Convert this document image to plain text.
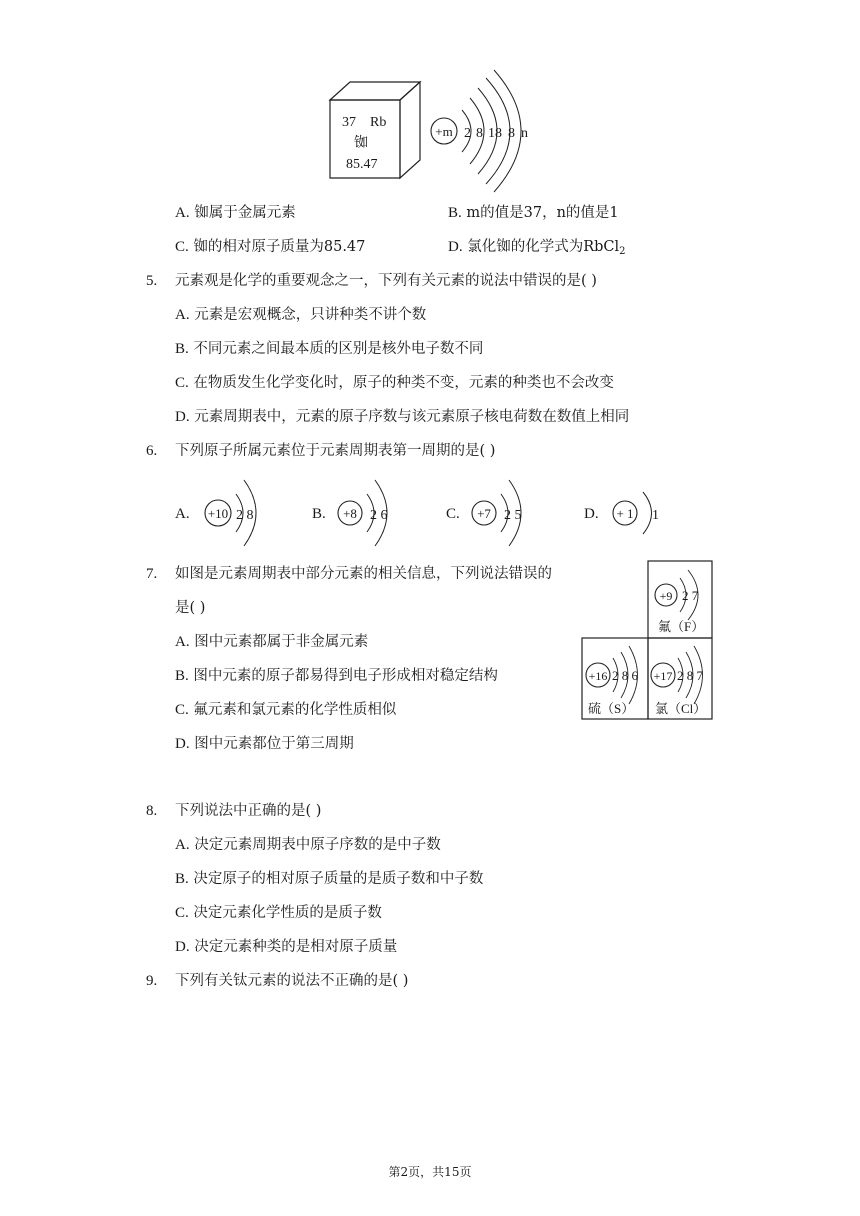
37 Rb
铷
85.47
+m 2 8 18 8 n
A. 铷属于金属元素	B. m的值是37，n的值是1
C. 铷的相对原子质量为85.47	D. 氯化铷的化学式为RbCl$_2$
5. 元素观是化学的重要观念之一，下列有关元素的说法中错误的是( )
A. 元素是宏观概念，只讲种类不讲个数
B. 不同元素之间最本质的区别是核外电子数不同
C. 在物质发生化学变化时，原子的种类不变，元素的种类也不会改变
D. 元素周期表中，元素的原子序数与该元素原子核电荷数在数值上相同
6. 下列原子所属元素位于元素周期表第一周期的是( )
A. +10 2 8	B. +8 2 6	C. +7 2 5	D. + 1 1
7. 如图是元素周期表中部分元素的相关信息，下列说法错误的
是( )
A. 图中元素都属于非金属元素
B. 图中元素的原子都易得到电子形成相对稳定结构
C. 氟元素和氯元素的化学性质相似
D. 图中元素都位于第三周期
+9 2 7
氟（F）
+16 2 8 6
硫（S）
+17 2 8 7
氯（Cl）
8. 下列说法中正确的是( )
A. 决定元素周期表中原子序数的是中子数
B. 决定原子的相对原子质量的是质子数和中子数
C. 决定元素化学性质的是质子数
D. 决定元素种类的是相对原子质量
9. 下列有关钛元素的说法不正确的是( )
第2页，共15页
